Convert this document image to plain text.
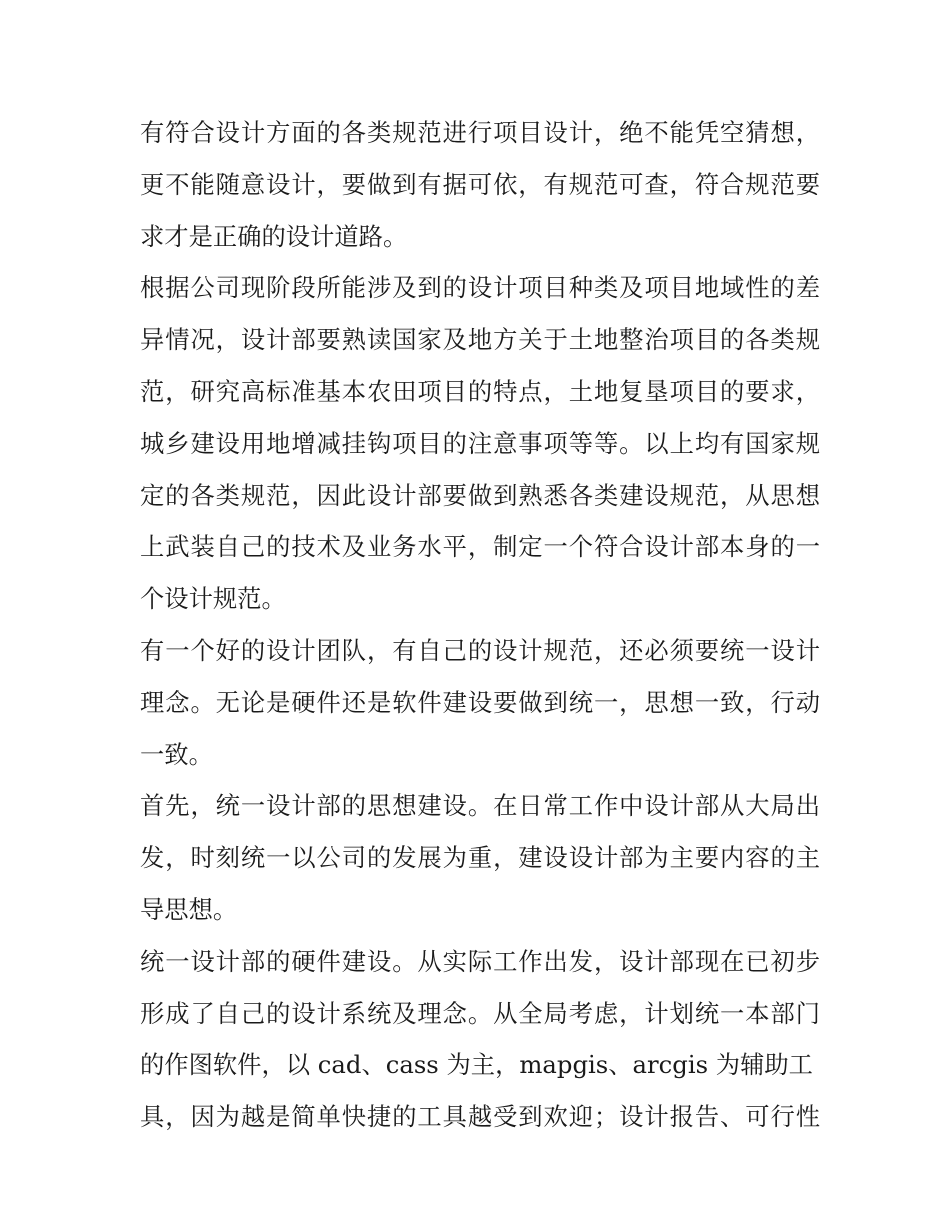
有符合设计方面的各类规范进行项目设计，绝不能凭空猜想，
更不能随意设计，要做到有据可依，有规范可查，符合规范要
求才是正确的设计道路。
根据公司现阶段所能涉及到的设计项目种类及项目地域性的差
异情况，设计部要熟读国家及地方关于土地整治项目的各类规
范，研究高标准基本农田项目的特点，土地复垦项目的要求，
城乡建设用地增减挂钩项目的注意事项等等。以上均有国家规
定的各类规范，因此设计部要做到熟悉各类建设规范，从思想
上武装自己的技术及业务水平，制定一个符合设计部本身的一
个设计规范。
有一个好的设计团队，有自己的设计规范，还必须要统一设计
理念。无论是硬件还是软件建设要做到统一，思想一致，行动
一致。
首先，统一设计部的思想建设。在日常工作中设计部从大局出
发，时刻统一以公司的发展为重，建设设计部为主要内容的主
导思想。
统一设计部的硬件建设。从实际工作出发，设计部现在已初步
形成了自己的设计系统及理念。从全局考虑，计划统一本部门
的作图软件，以 cad、cass 为主，mapgis、arcgis 为辅助工
具，因为越是简单快捷的工具越受到欢迎；设计报告、可行性
